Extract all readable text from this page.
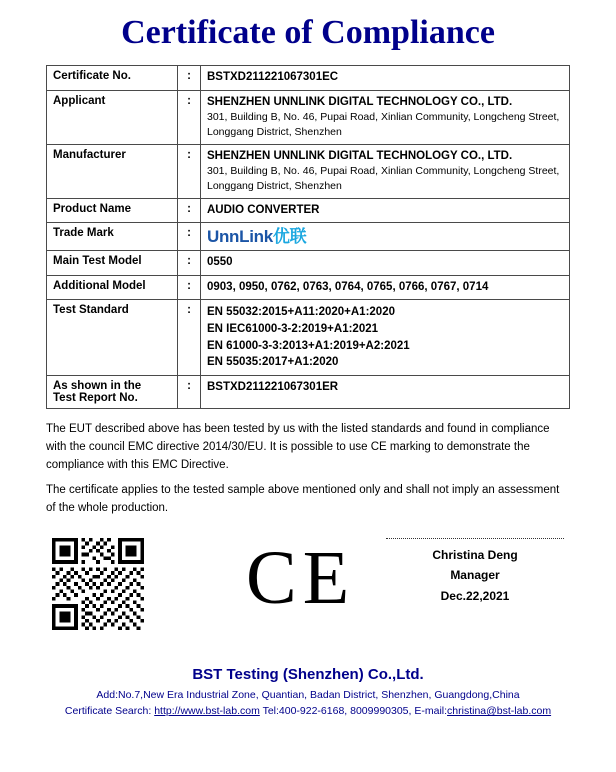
Certificate of Compliance
Certificate No.	:	BSTXD211221067301EC

Applicant	:	SHENZHEN UNNLINK DIGITAL TECHNOLOGY CO., LTD.
301, Building B, No. 46, Pupai Road, Xinlian Community, Longcheng Street, Longgang District, Shenzhen

Manufacturer	:	SHENZHEN UNNLINK DIGITAL TECHNOLOGY CO., LTD.
301, Building B, No. 46, Pupai Road, Xinlian Community, Longcheng Street, Longgang District, Shenzhen

Product Name	:	AUDIO CONVERTER

Trade Mark	:	UnnLink优联

Main Test Model	:	0550

Additional Model	:	0903, 0950, 0762, 0763, 0764, 0765, 0766, 0767, 0714

Test Standard	:	EN 55032:2015+A11:2020+A1:2020
EN IEC61000-3-2:2019+A1:2021
EN 61000-3-3:2013+A1:2019+A2:2021
EN 55035:2017+A1:2020

As shown in the
Test Report No.	:	BSTXD211221067301ER

The EUT described above has been tested by us with the listed standards and found in compliance with the council EMC directive 2014/30/EU. It is possible to use CE marking to demonstrate the compliance with this EMC Directive.

The certificate applies to the tested sample above mentioned only and shall not imply an assessment of the whole production.

CE	Christina Deng
Manager
Dec.22,2021
BST Testing (Shenzhen) Co.,Ltd.
Add:No.7,New Era Industrial Zone, Quantian, Badan District, Shenzhen, Guangdong,China
Certificate Search: http://www.bst-lab.com Tel:400-922-6168, 8009990305, E-mail:christina@bst-lab.com
